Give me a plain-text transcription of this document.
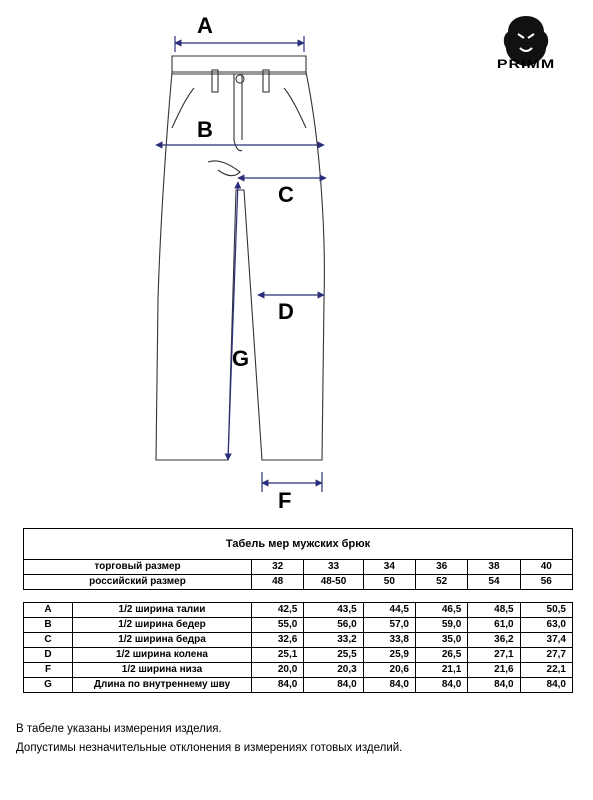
A
B
C
D
F
G
PRIMM
Табель мер мужских брюк							
торговый размер		32	33	34	36	38	40
российский размер		48	48-50	50	52	54	56

A	1/2 ширина талии	42,5	43,5	44,5	46,5	48,5	50,5
B	1/2 ширина бедер	55,0	56,0	57,0	59,0	61,0	63,0
C	1/2 ширина бедра	32,6	33,2	33,8	35,0	36,2	37,4
D	1/2 ширина колена	25,1	25,5	25,9	26,5	27,1	27,7
F	1/2 ширина низа	20,0	20,3	20,6	21,1	21,6	22,1
G	Длина по внутреннему шву	84,0	84,0	84,0	84,0	84,0	84,0
В табеле указаны измерения изделия.
Допустимы незначительные отклонения в измерениях готовых изделий.
